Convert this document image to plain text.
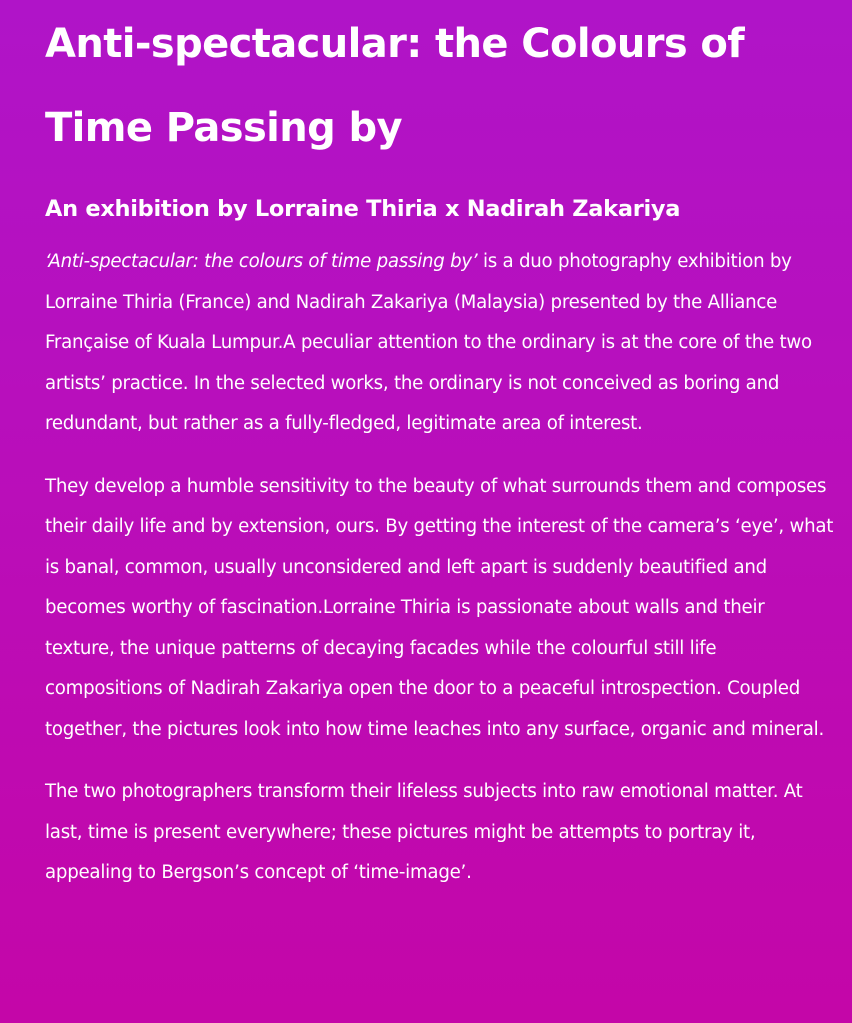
Anti-spectacular: the Colours of Time Passing by
An exhibition by Lorraine Thiria x Nadirah Zakariya

‘Anti-spectacular: the colours of time passing by’ is a duo photography exhibition by Lorraine Thiria (France) and Nadirah Zakariya (Malaysia) presented by the Alliance Française of Kuala Lumpur.A peculiar attention to the ordinary is at the core of the two artists’ practice. In the selected works, the ordinary is not conceived as boring and redundant, but rather as a fully-fledged, legitimate area of interest.

They develop a humble sensitivity to the beauty of what surrounds them and composes their daily life and by extension, ours. By getting the interest of the camera’s ‘eye’, what is banal, common, usually unconsidered and left apart is suddenly beautified and becomes worthy of fascination.Lorraine Thiria is passionate about walls and their texture, the unique patterns of decaying facades while the colourful still life compositions of Nadirah Zakariya open the door to a peaceful introspection. Coupled together, the pictures look into how time leaches into any surface, organic and mineral.

The two photographers transform their lifeless subjects into raw emotional matter. At last, time is present everywhere; these pictures might be attempts to portray it, appealing to Bergson’s concept of ‘time-image’.
